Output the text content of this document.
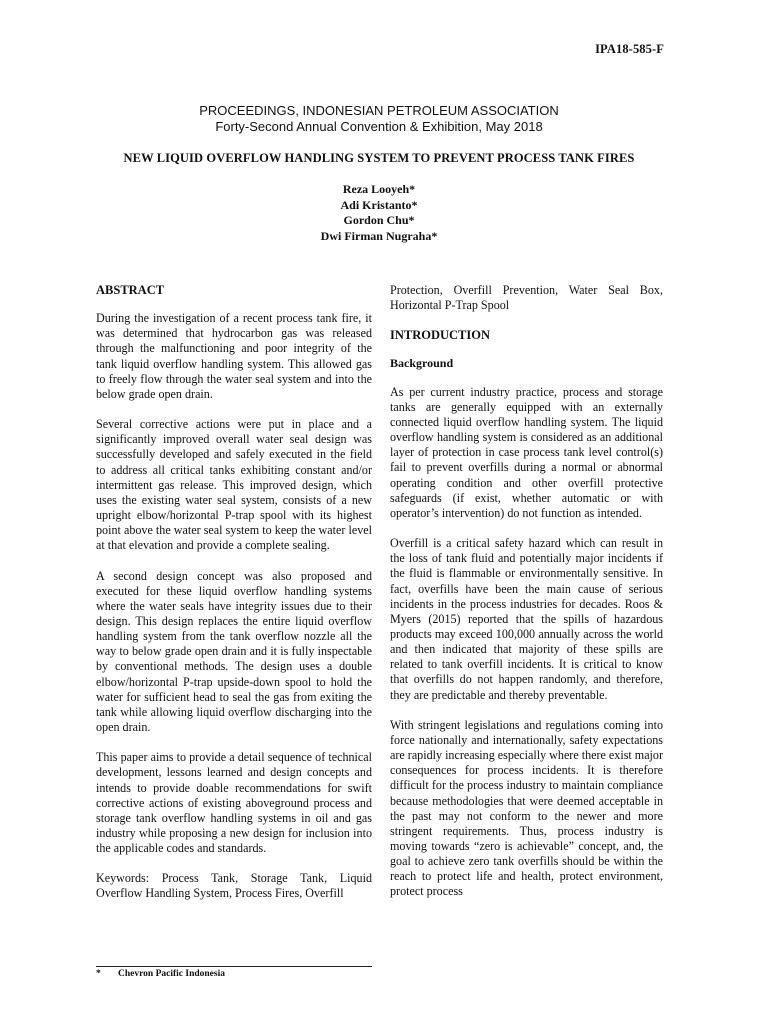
IPA18-585-F
PROCEEDINGS, INDONESIAN PETROLEUM ASSOCIATION
Forty-Second Annual Convention & Exhibition, May 2018
NEW LIQUID OVERFLOW HANDLING SYSTEM TO PREVENT PROCESS TANK FIRES
Reza Looyeh*
Adi Kristanto*
Gordon Chu*
Dwi Firman Nugraha*
ABSTRACT

During the investigation of a recent process tank fire, it was determined that hydrocarbon gas was released through the malfunctioning and poor integrity of the tank liquid overflow handling system. This allowed gas to freely flow through the water seal system and into the below grade open drain.

Several corrective actions were put in place and a significantly improved overall water seal design was successfully developed and safely executed in the field to address all critical tanks exhibiting constant and/or intermittent gas release. This improved design, which uses the existing water seal system, consists of a new upright elbow/horizontal P-trap spool with its highest point above the water seal system to keep the water level at that elevation and provide a complete sealing.

A second design concept was also proposed and executed for these liquid overflow handling systems where the water seals have integrity issues due to their design. This design replaces the entire liquid overflow handling system from the tank overflow nozzle all the way to below grade open drain and it is fully inspectable by conventional methods. The design uses a double elbow/horizontal P-trap upside-down spool to hold the water for sufficient head to seal the gas from exiting the tank while allowing liquid overflow discharging into the open drain.

This paper aims to provide a detail sequence of technical development, lessons learned and design concepts and intends to provide doable recommendations for swift corrective actions of existing aboveground process and storage tank overflow handling systems in oil and gas industry while proposing a new design for inclusion into the applicable codes and standards.

Keywords: Process Tank, Storage Tank, Liquid Overflow Handling System, Process Fires, Overfill

Protection, Overfill Prevention, Water Seal Box, Horizontal P-Trap Spool

INTRODUCTION
Background

As per current industry practice, process and storage tanks are generally equipped with an externally connected liquid overflow handling system. The liquid overflow handling system is considered as an additional layer of protection in case process tank level control(s) fail to prevent overfills during a normal or abnormal operating condition and other overfill protective safeguards (if exist, whether automatic or with operator’s intervention) do not function as intended.

Overfill is a critical safety hazard which can result in the loss of tank fluid and potentially major incidents if the fluid is flammable or environmentally sensitive. In fact, overfills have been the main cause of serious incidents in the process industries for decades. Roos & Myers (2015) reported that the spills of hazardous products may exceed 100,000 annually across the world and then indicated that majority of these spills are related to tank overfill incidents. It is critical to know that overfills do not happen randomly, and therefore, they are predictable and thereby preventable.

With stringent legislations and regulations coming into force nationally and internationally, safety expectations are rapidly increasing especially where there exist major consequences for process incidents. It is therefore difficult for the process industry to maintain compliance because methodologies that were deemed acceptable in the past may not conform to the newer and more stringent requirements. Thus, process industry is moving towards “zero is achievable” concept, and, the goal to achieve zero tank overfills should be within the reach to protect life and health, protect environment, protect process

* Chevron Pacific Indonesia
